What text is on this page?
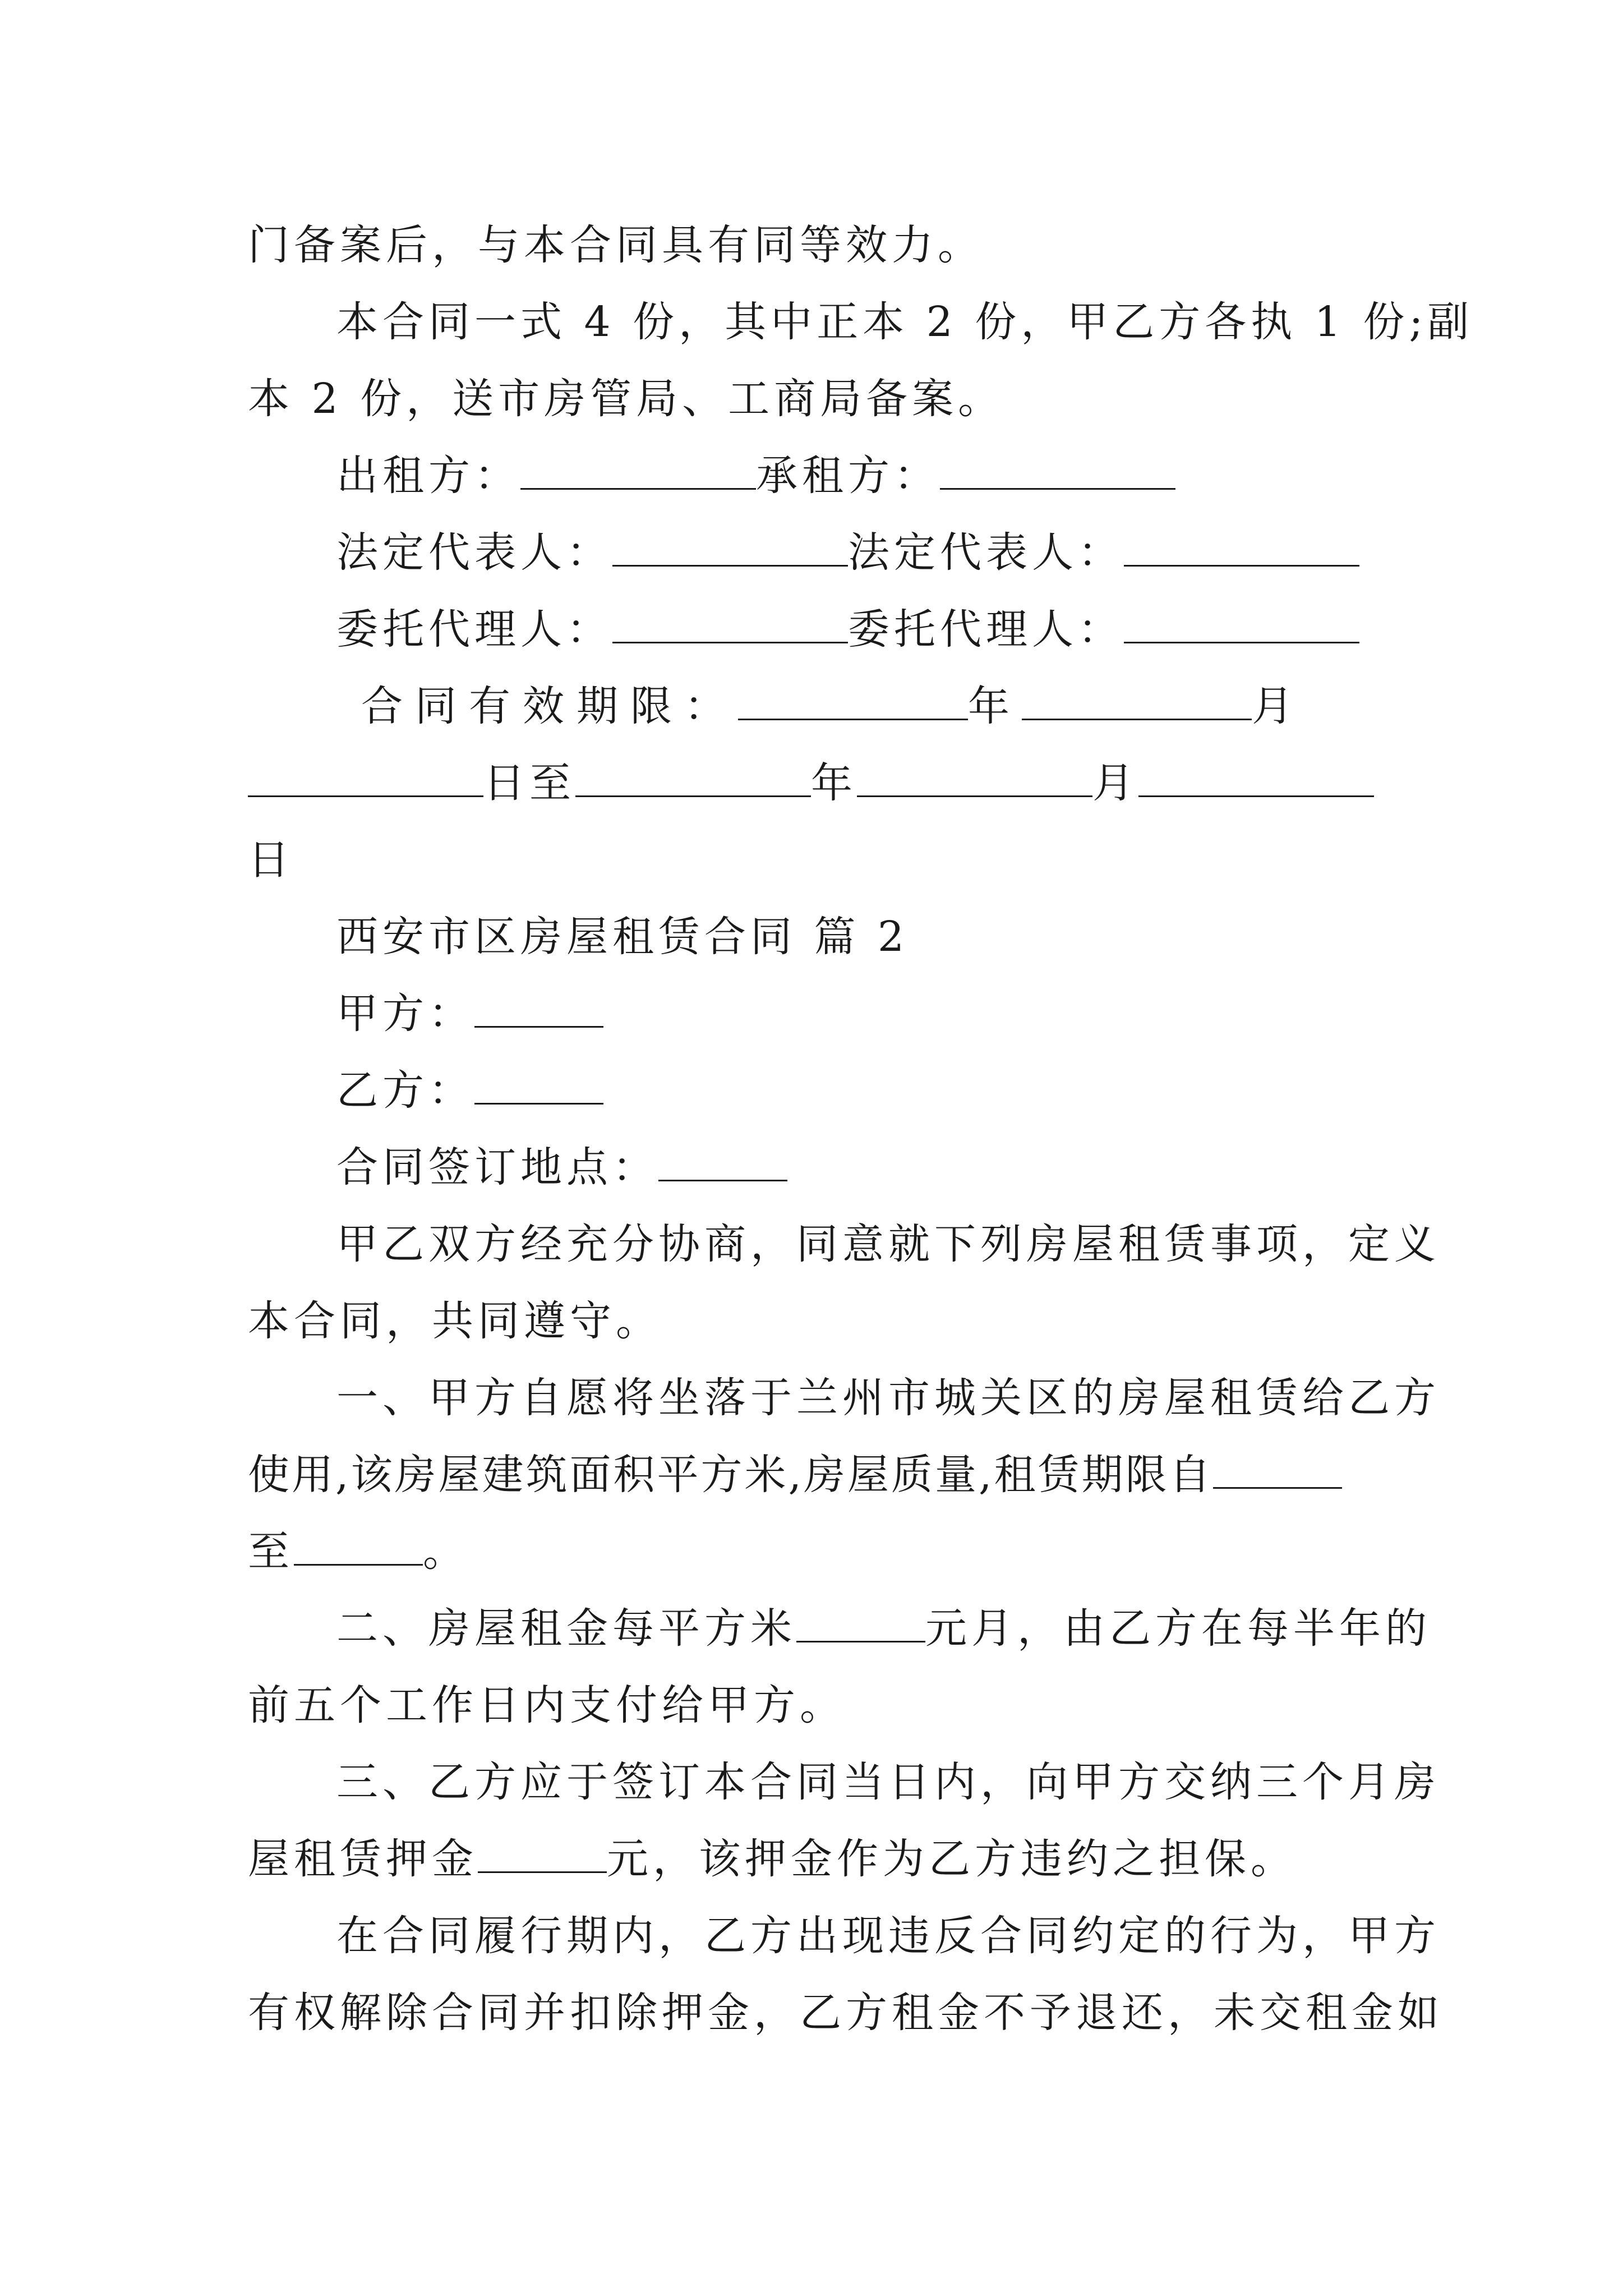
门备案后，与本合同具有同等效力。
本合同一式 4 份，其中正本 2 份，甲乙方各执 1 份;副
本 2 份，送市房管局、工商局备案。
出租方：	承租方：
法定代表人：	法定代表人：
委托代理人：	委托代理人：
合同有效期限：	年	月
日至	年	月
日
西安市区房屋租赁合同 篇 2
甲方：
乙方：
合同签订地点：
甲乙双方经充分协商，同意就下列房屋租赁事项，定义
本合同，共同遵守。
一、甲方自愿将坐落于兰州市城关区的房屋租赁给乙方
使用,该房屋建筑面积平方米,房屋质量,租赁期限自
至	。
二、房屋租金每平方米	元月，由乙方在每半年的
前五个工作日内支付给甲方。
三、乙方应于签订本合同当日内，向甲方交纳三个月房
屋租赁押金	元，该押金作为乙方违约之担保。
在合同履行期内，乙方出现违反合同约定的行为，甲方
有权解除合同并扣除押金，乙方租金不予退还，未交租金如
